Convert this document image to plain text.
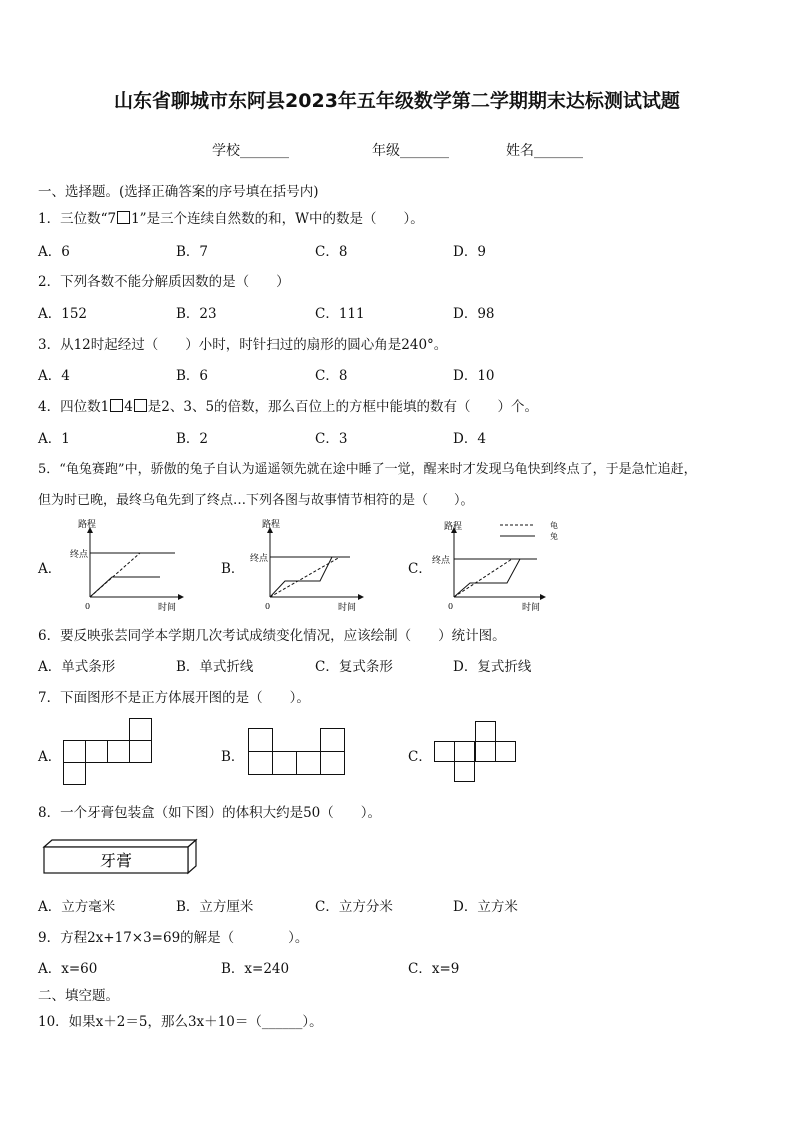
山东省聊城市东阿县2023年五年级数学第二学期期末达标测试试题
学校_______	年级_______	姓名_______
一、选择题。(选择正确答案的序号填在括号内)
1．三位数“7 1”是三个连续自然数的和，W中的数是（　　）。
A．6	B．7	C．8	D．9
2．下列各数不能分解质因数的是（　　）
A．152	B．23	C．111	D．98
3．从12时起经过（　　）小时，时针扫过的扇形的圆心角是240°。
A．4	B．6	C．8	D．10
4．四位数1 4 是2、3、5的倍数，那么百位上的方框中能填的数有（　　）个。
A．1	B．2	C．3	D．4
5．“龟兔赛跑”中，骄傲的兔子自认为遥遥领先就在途中睡了一觉，醒来时才发现乌龟快到终点了，于是急忙追赶，
但为时已晚，最终乌龟先到了终点…下列各图与故事情节相符的是（　　）。
A．	B．	C．
路程
终点
0	时间
路程
终点
0	时间
龟
兔
路程
终点
0	时间
6．要反映张芸同学本学期几次考试成绩变化情况，应该绘制（　　）统计图。
A．单式条形	B．单式折线	C．复式条形	D．复式折线
7．下面图形不是正方体展开图的是（　　）。
A．	B．	C．
8．一个牙膏包装盒（如下图）的体积大约是50（　　）。
牙膏
A．立方毫米	B．立方厘米	C．立方分米	D．立方米
9．方程2x+17×3=69的解是（　　　　）。
A．x=60	B．x=240	C．x=9
二、填空题。
10．如果x＋2＝5，那么3x＋10＝（______）。
